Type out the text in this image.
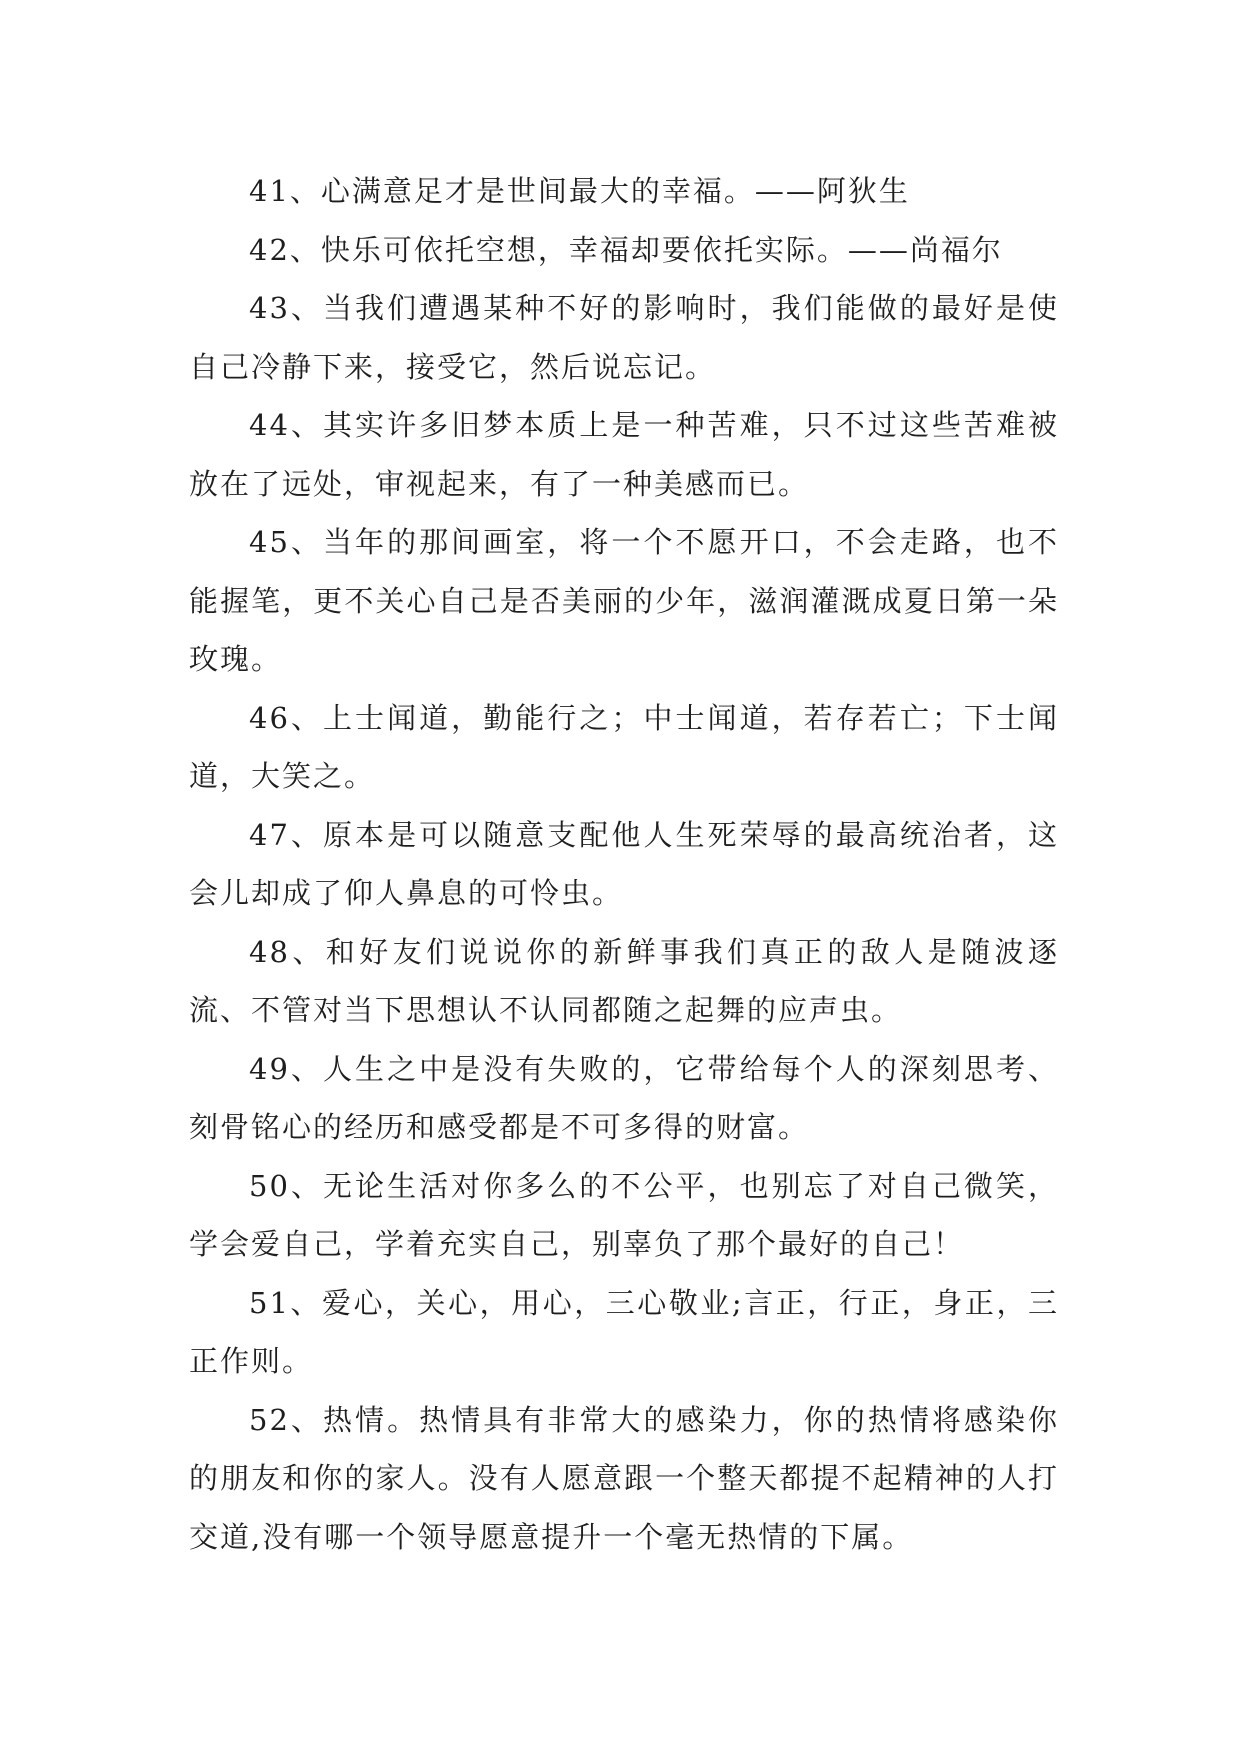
41、心满意足才是世间最大的幸福。——阿狄生

42、快乐可依托空想，幸福却要依托实际。——尚福尔

43、当我们遭遇某种不好的影响时，我们能做的最好是使自己冷静下来，接受它，然后说忘记。

44、其实许多旧梦本质上是一种苦难，只不过这些苦难被放在了远处，审视起来，有了一种美感而已。

45、当年的那间画室，将一个不愿开口，不会走路，也不能握笔，更不关心自己是否美丽的少年，滋润灌溉成夏日第一朵玫瑰。

46、上士闻道，勤能行之；中士闻道，若存若亡；下士闻道，大笑之。

47、原本是可以随意支配他人生死荣辱的最高统治者，这会儿却成了仰人鼻息的可怜虫。

48、和好友们说说你的新鲜事我们真正的敌人是随波逐流、不管对当下思想认不认同都随之起舞的应声虫。

49、人生之中是没有失败的，它带给每个人的深刻思考、刻骨铭心的经历和感受都是不可多得的财富。

50、无论生活对你多么的不公平，也别忘了对自己微笑，学会爱自己，学着充实自己，别辜负了那个最好的自己！

51、爱心，关心，用心，三心敬业;言正，行正，身正，三正作则。

52、热情。热情具有非常大的感染力，你的热情将感染你的朋友和你的家人。没有人愿意跟一个整天都提不起精神的人打交道,没有哪一个领导愿意提升一个毫无热情的下属。
